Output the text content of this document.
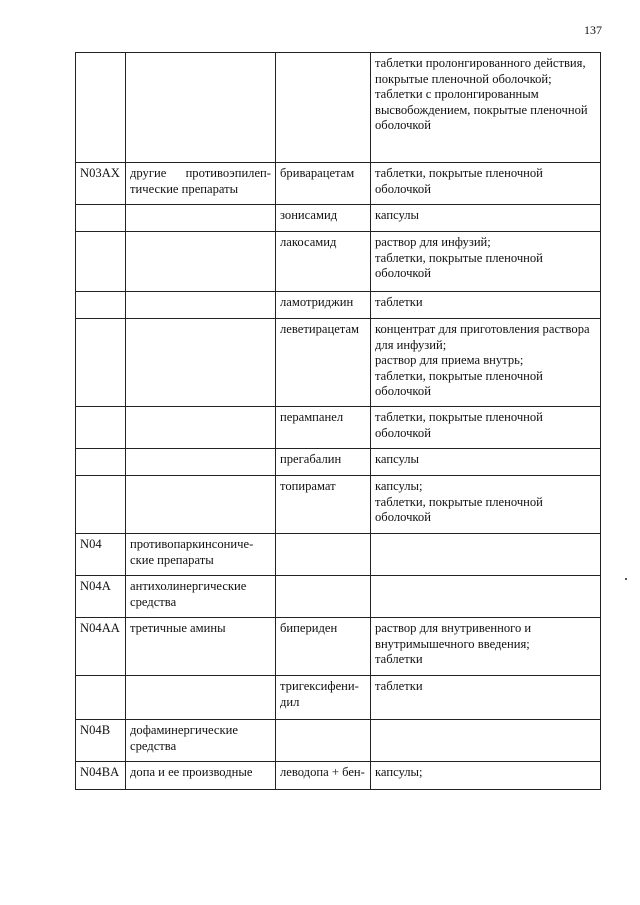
137

			таблетки пролонгированного действия, покрытые пленочной оболочкой;
таблетки с пролонгированным высвобождением, покрытые пленочной оболочкой

N03AX	другие противоэпилеп-тические препараты	бриварацетам	таблетки, покрытые пленочной оболочкой

		зонисамид	капсулы

		лакосамид	раствор для инфузий;
таблетки, покрытые пленочной оболочкой

		ламотриджин	таблетки

		леветирацетам	концентрат для приготовления раствора для инфузий;
раствор для приема внутрь;
таблетки, покрытые пленочной оболочкой

		перампанел	таблетки, покрытые пленочной оболочкой

		прегабалин	капсулы

		топирамат	капсулы;
таблетки, покрытые пленочной оболочкой

N04	противопаркинсониче-ские препараты		
N04A	антихолинергические средства		
N04AA	третичные амины	бипериден	раствор для внутривенного и внутримышечного введения;
таблетки

		тригексифени-дил	таблетки

N04B	дофаминергические средства		
N04BA	допа и ее производные	леводопа + бен-	капсулы;
